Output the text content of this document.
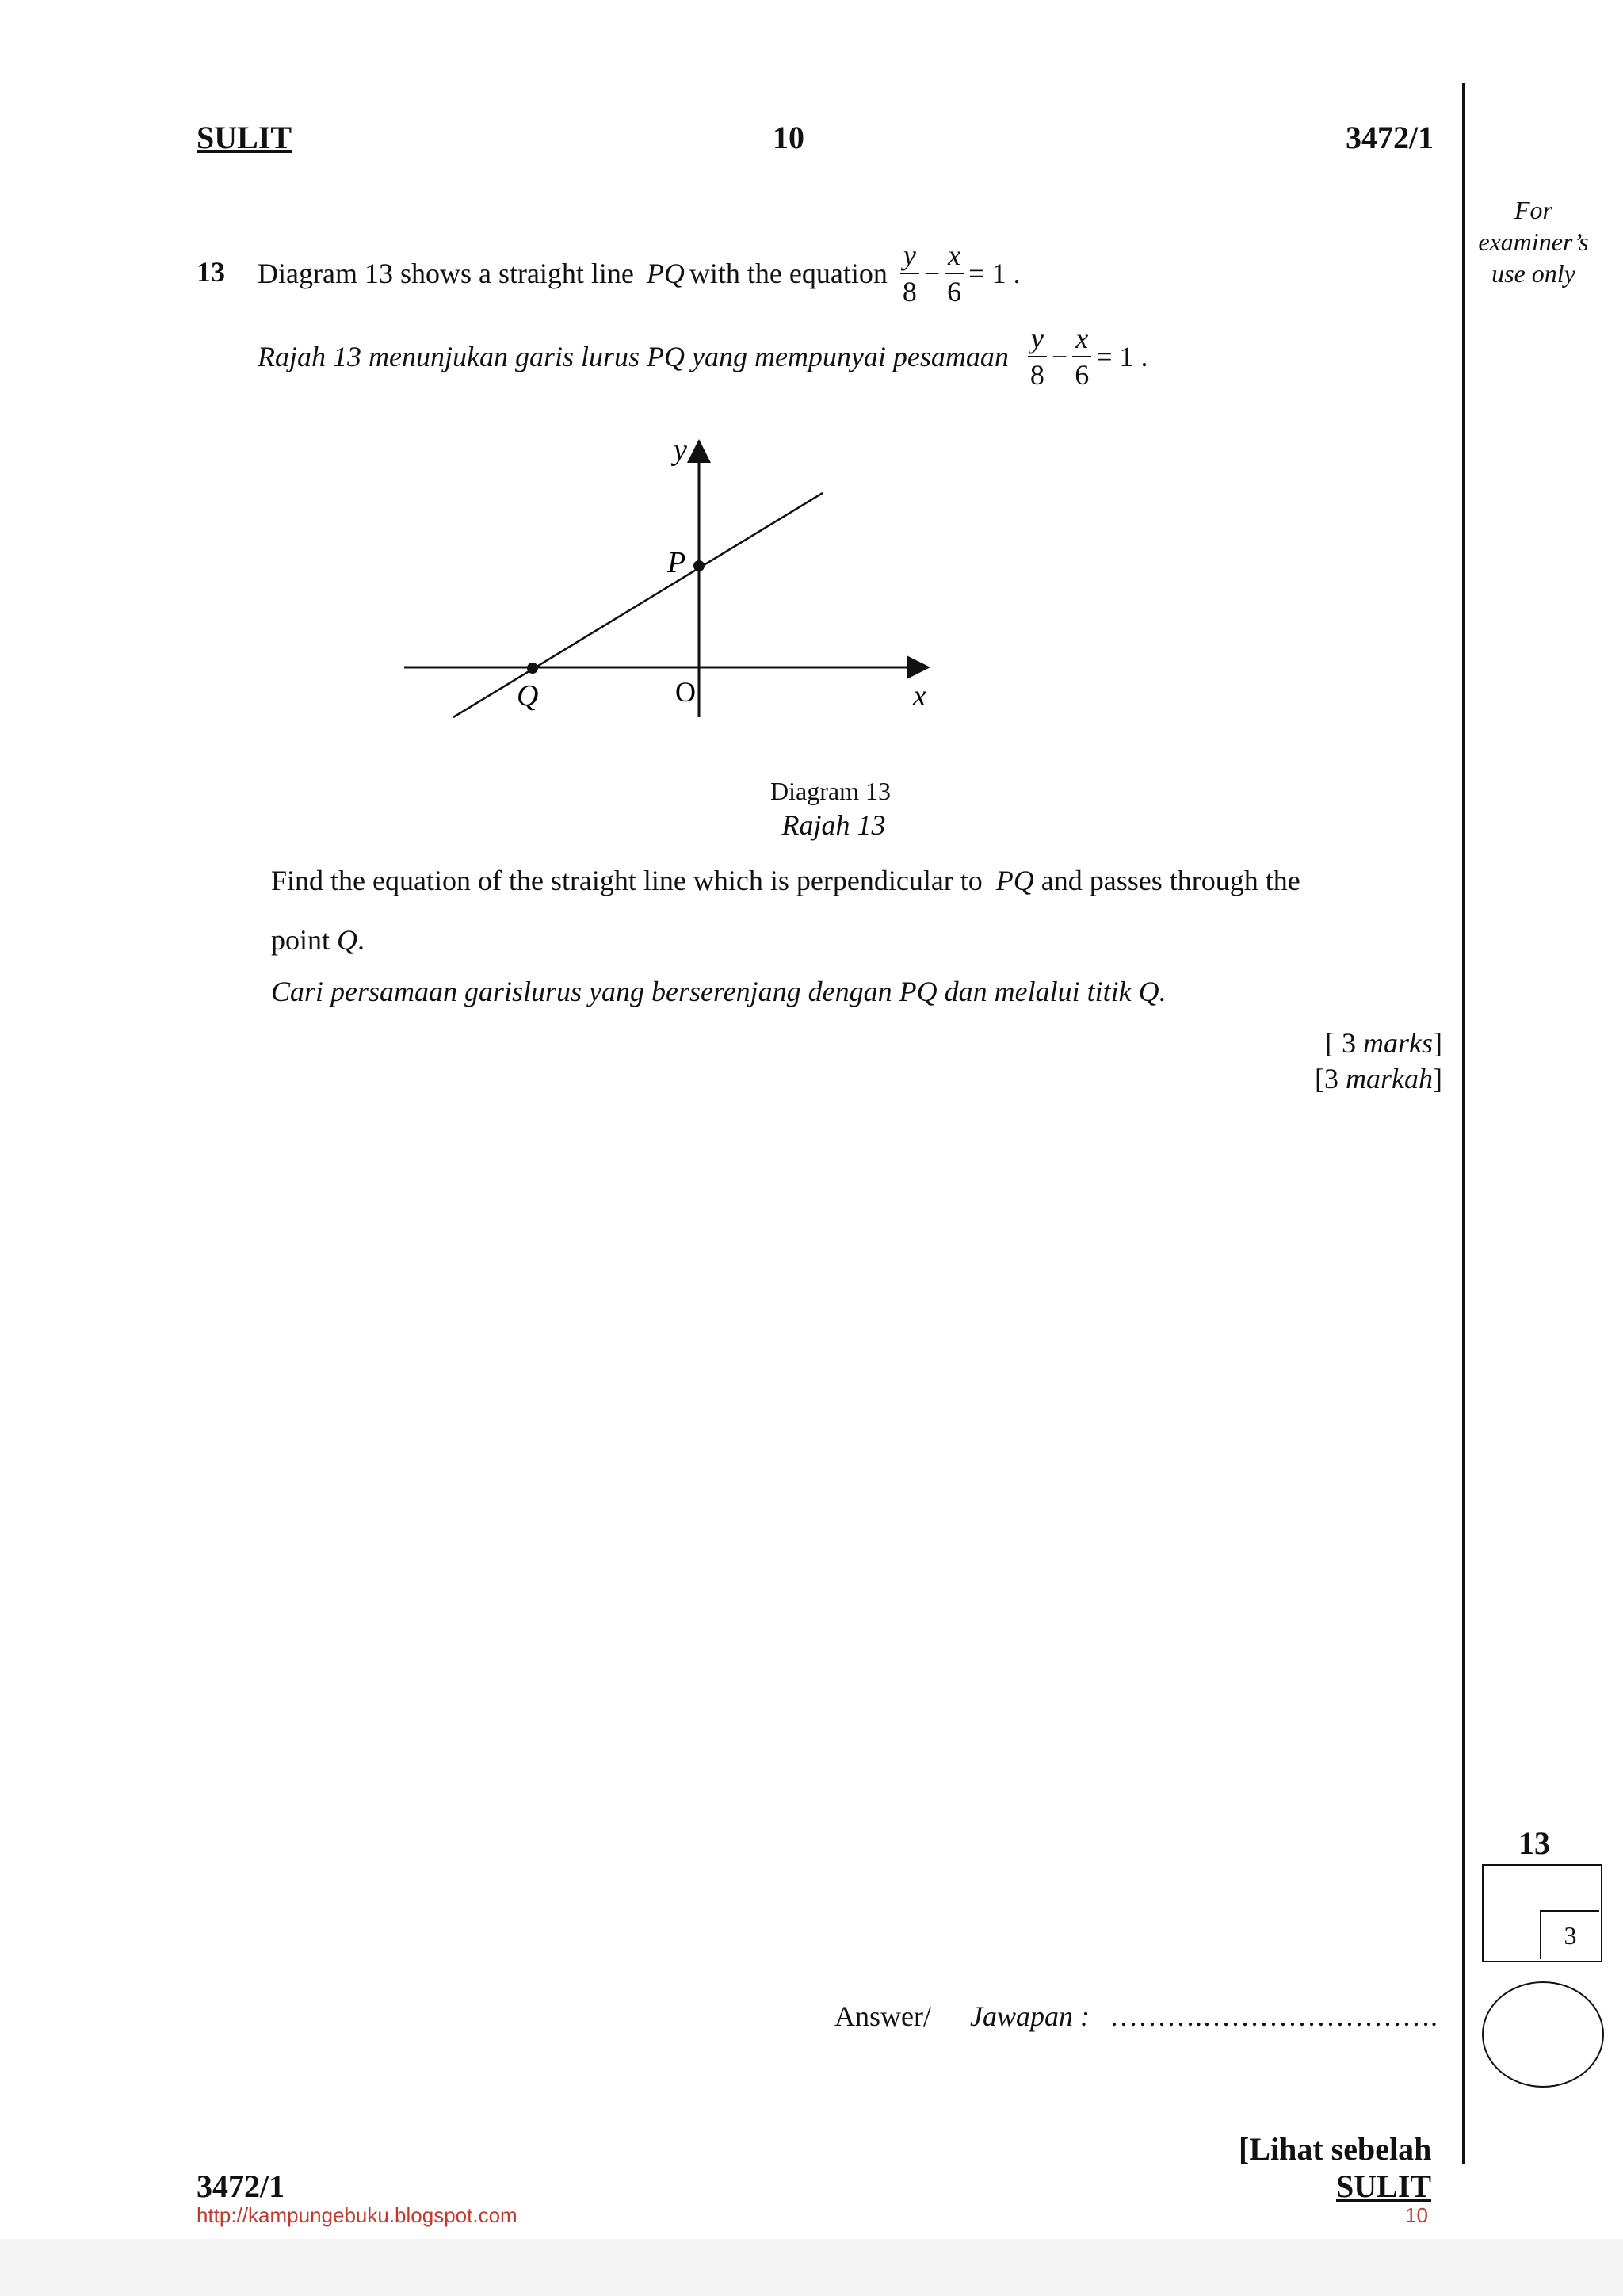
SULIT	10	3472/1
For
examiner’s
use only
13 Diagram 13 shows a straight line PQ with the equation $\frac{y}{8} - \frac{x}{6} = 1$ .
Rajah 13 menunjukan garis lurus PQ yang mempunyai pesamaan $\frac{y}{8} - \frac{x}{6} = 1$ .
y
x
O
P
Q
Diagram 13
Rajah 13
Find the equation of the straight line which is perpendicular to PQ and passes through the
point Q.
Cari persamaan garislurus yang berserenjang dengan PQ dan melalui titik Q.
[ 3 marks]
[3 markah]
13
3
Answer/ Jawapan : ……….…………………….
[Lihat sebelah
3472/1	SULIT
http://kampungebuku.blogspot.com	10
